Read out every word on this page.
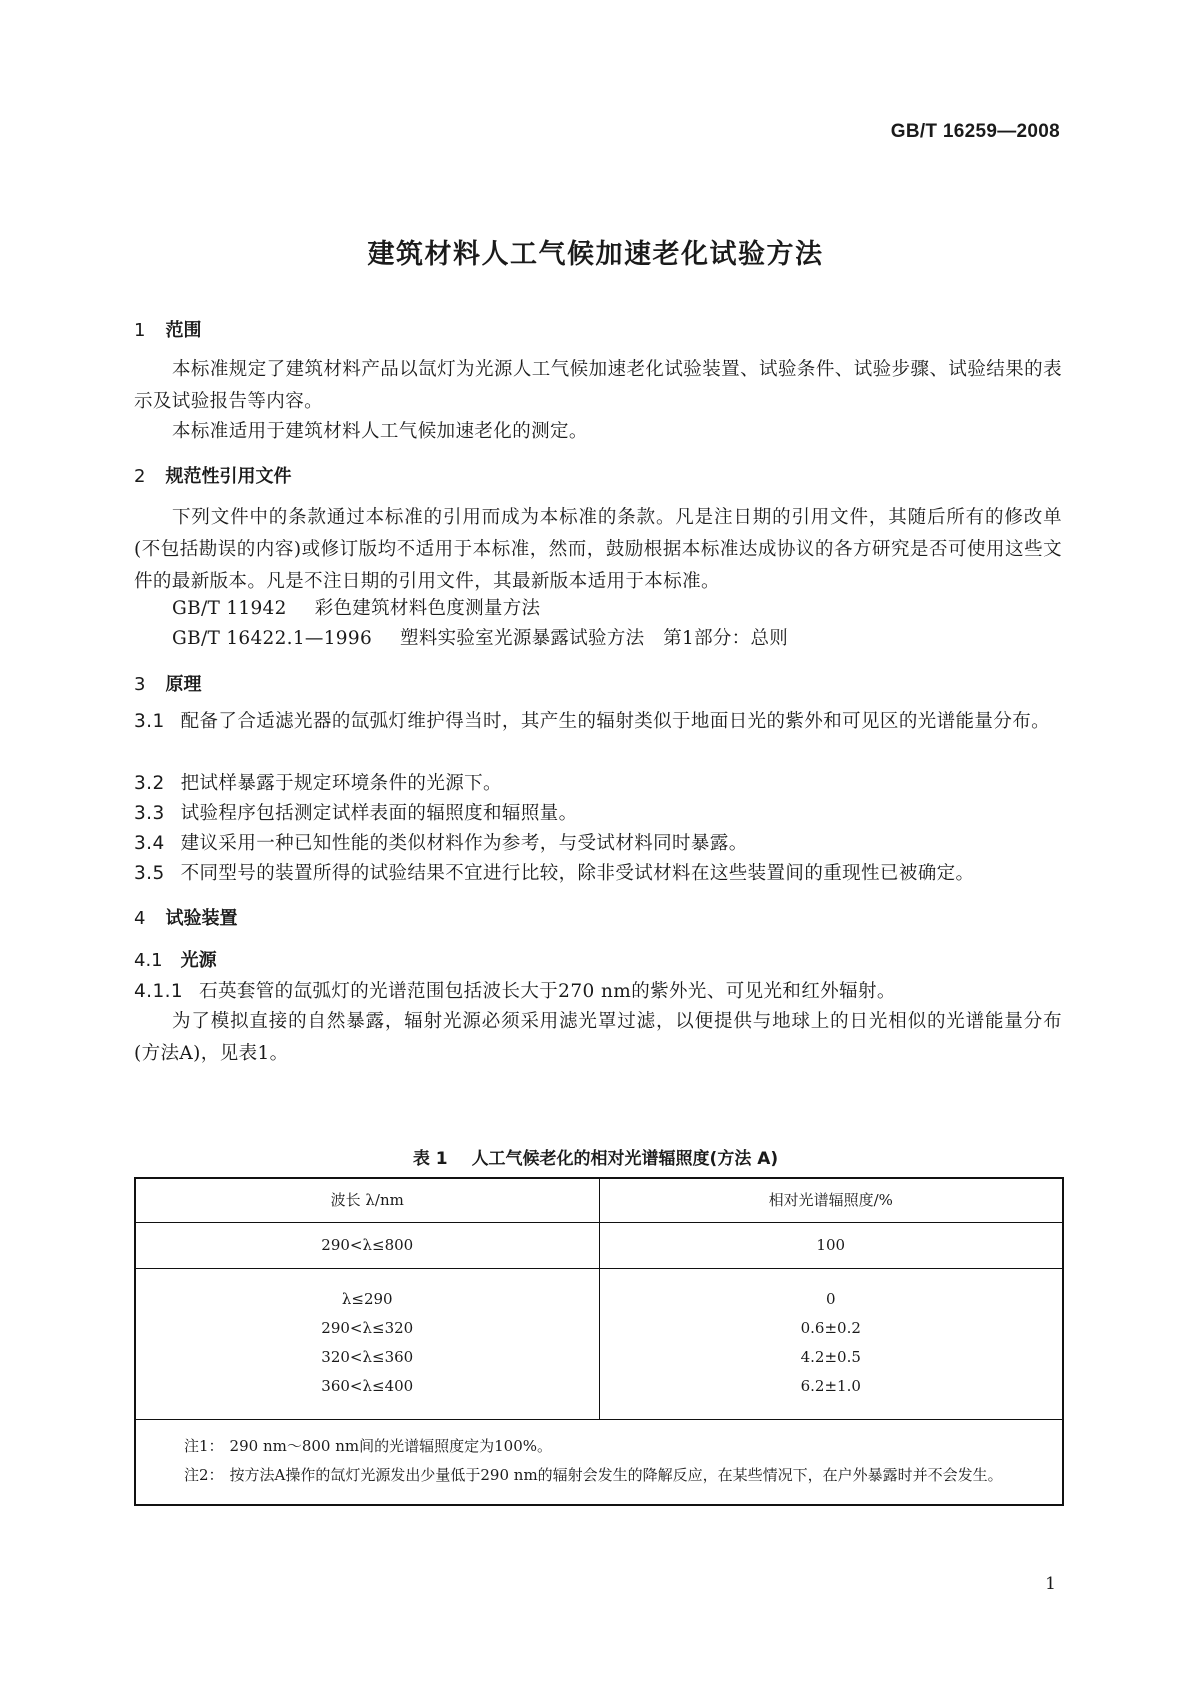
GB/T 16259—2008
建筑材料人工气候加速老化试验方法
1 范围
本标准规定了建筑材料产品以氙灯为光源人工气候加速老化试验装置、试验条件、试验步骤、试验结果的表示及试验报告等内容。
本标准适用于建筑材料人工气候加速老化的测定。
2 规范性引用文件
下列文件中的条款通过本标准的引用而成为本标准的条款。凡是注日期的引用文件，其随后所有的修改单(不包括勘误的内容)或修订版均不适用于本标准，然而，鼓励根据本标准达成协议的各方研究是否可使用这些文件的最新版本。凡是不注日期的引用文件，其最新版本适用于本标准。
GB/T 11942 彩色建筑材料色度测量方法
GB/T 16422.1—1996 塑料实验室光源暴露试验方法　第1部分：总则
3 原理
3.1 配备了合适滤光器的氙弧灯维护得当时，其产生的辐射类似于地面日光的紫外和可见区的光谱能量分布。
3.2 把试样暴露于规定环境条件的光源下。
3.3 试验程序包括测定试样表面的辐照度和辐照量。
3.4 建议采用一种已知性能的类似材料作为参考，与受试材料同时暴露。
3.5 不同型号的装置所得的试验结果不宜进行比较，除非受试材料在这些装置间的重现性已被确定。
4 试验装置
4.1 光源
4.1.1 石英套管的氙弧灯的光谱范围包括波长大于270 nm的紫外光、可见光和红外辐射。
为了模拟直接的自然暴露，辐射光源必须采用滤光罩过滤，以便提供与地球上的日光相似的光谱能量分布(方法A)，见表1。
表 1 人工气候老化的相对光谱辐照度(方法 A)
波长 λ/nm	相对光谱辐照度/%
290<λ≤800	100
λ≤290
290<λ≤320
320<λ≤360
360<λ≤400
0
0.6±0.2
4.2±0.5
6.2±1.0
注1： 290 nm～800 nm间的光谱辐照度定为100%。
注2： 按方法A操作的氙灯光源发出少量低于290 nm的辐射会发生的降解反应，在某些情况下，在户外暴露时并不会发生。
1
